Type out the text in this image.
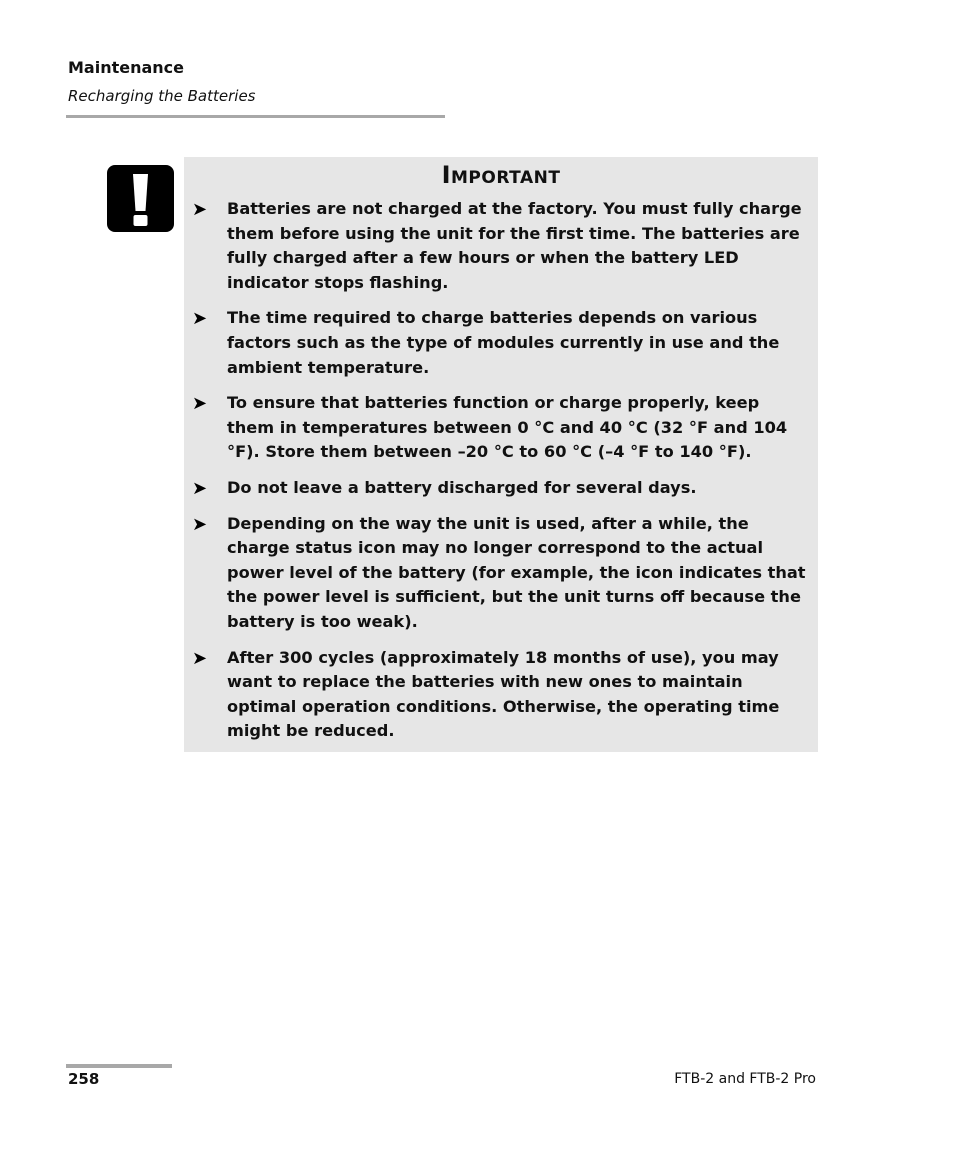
Maintenance
Recharging the Batteries
Important
➤ Batteries are not charged at the factory. You must fully charge them before using the unit for the first time. The batteries are fully charged after a few hours or when the battery LED indicator stops flashing.
➤ The time required to charge batteries depends on various factors such as the type of modules currently in use and the ambient temperature.
➤ To ensure that batteries function or charge properly, keep them in temperatures between 0 °C and 40 °C (32 °F and 104 °F). Store them between –20 °C to 60 °C (–4 °F to 140 °F).
➤ Do not leave a battery discharged for several days.
➤ Depending on the way the unit is used, after a while, the charge status icon may no longer correspond to the actual power level of the battery (for example, the icon indicates that the power level is sufficient, but the unit turns off because the battery is too weak).
➤ After 300 cycles (approximately 18 months of use), you may want to replace the batteries with new ones to maintain optimal operation conditions. Otherwise, the operating time might be reduced.
258	FTB-2 and FTB-2 Pro
